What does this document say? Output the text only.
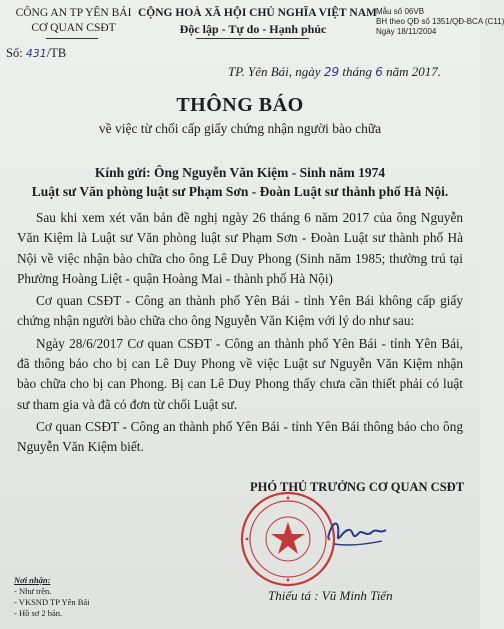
CÔNG AN TP YÊN BÁI
CƠ QUAN CSĐT
Số: 431/TB
CỘNG HOÀ XÃ HỘI CHỦ NGHĨA VIỆT NAM
Độc lập - Tự do - Hạnh phúc
Mẫu số 06VB
BH theo QĐ số 1351/QĐ-BCA (C11)
Ngày 18/11/2004
TP. Yên Bái, ngày 29 tháng 6 năm 2017.
THÔNG BÁO
về việc từ chối cấp giấy chứng nhận người bào chữa
Kính gửi: Ông Nguyễn Văn Kiệm - Sinh năm 1974
Luật sư Văn phòng luật sư Phạm Sơn - Đoàn Luật sư thành phố Hà Nội.

Sau khi xem xét văn bản đề nghị ngày 26 tháng 6 năm 2017 của ông Nguyễn Văn Kiệm là Luật sư Văn phòng luật sư Phạm Sơn - Đoàn Luật sư thành phố Hà Nội về việc nhận bào chữa cho ông Lê Duy Phong (Sinh năm 1985; thường trú tại Phường Hoàng Liệt - quận Hoàng Mai - thành phố Hà Nội)

Cơ quan CSĐT - Công an thành phố Yên Bái - tỉnh Yên Bái không cấp giấy chứng nhận người bào chữa cho ông Nguyễn Văn Kiệm với lý do như sau:

Ngày 28/6/2017 Cơ quan CSĐT - Công an thành phố Yên Bái - tỉnh Yên Bái, đã thông báo cho bị can Lê Duy Phong về việc Luật sư Nguyễn Văn Kiệm nhận bào chữa cho bị can Phong. Bị can Lê Duy Phong thấy chưa cần thiết phải có luật sư tham gia và đã có đơn từ chối Luật sư.

Cơ quan CSĐT - Công an thành phố Yên Bái - tỉnh Yên Bái thông báo cho ông Nguyễn Văn Kiệm biết.

PHÓ THỦ TRƯỞNG CƠ QUAN CSĐT
Thiếu tá : Vũ Minh Tiến
Nơi nhận:
- Như trên.
- VKSND TP Yên Bái
- Hồ sơ 2 bản.
